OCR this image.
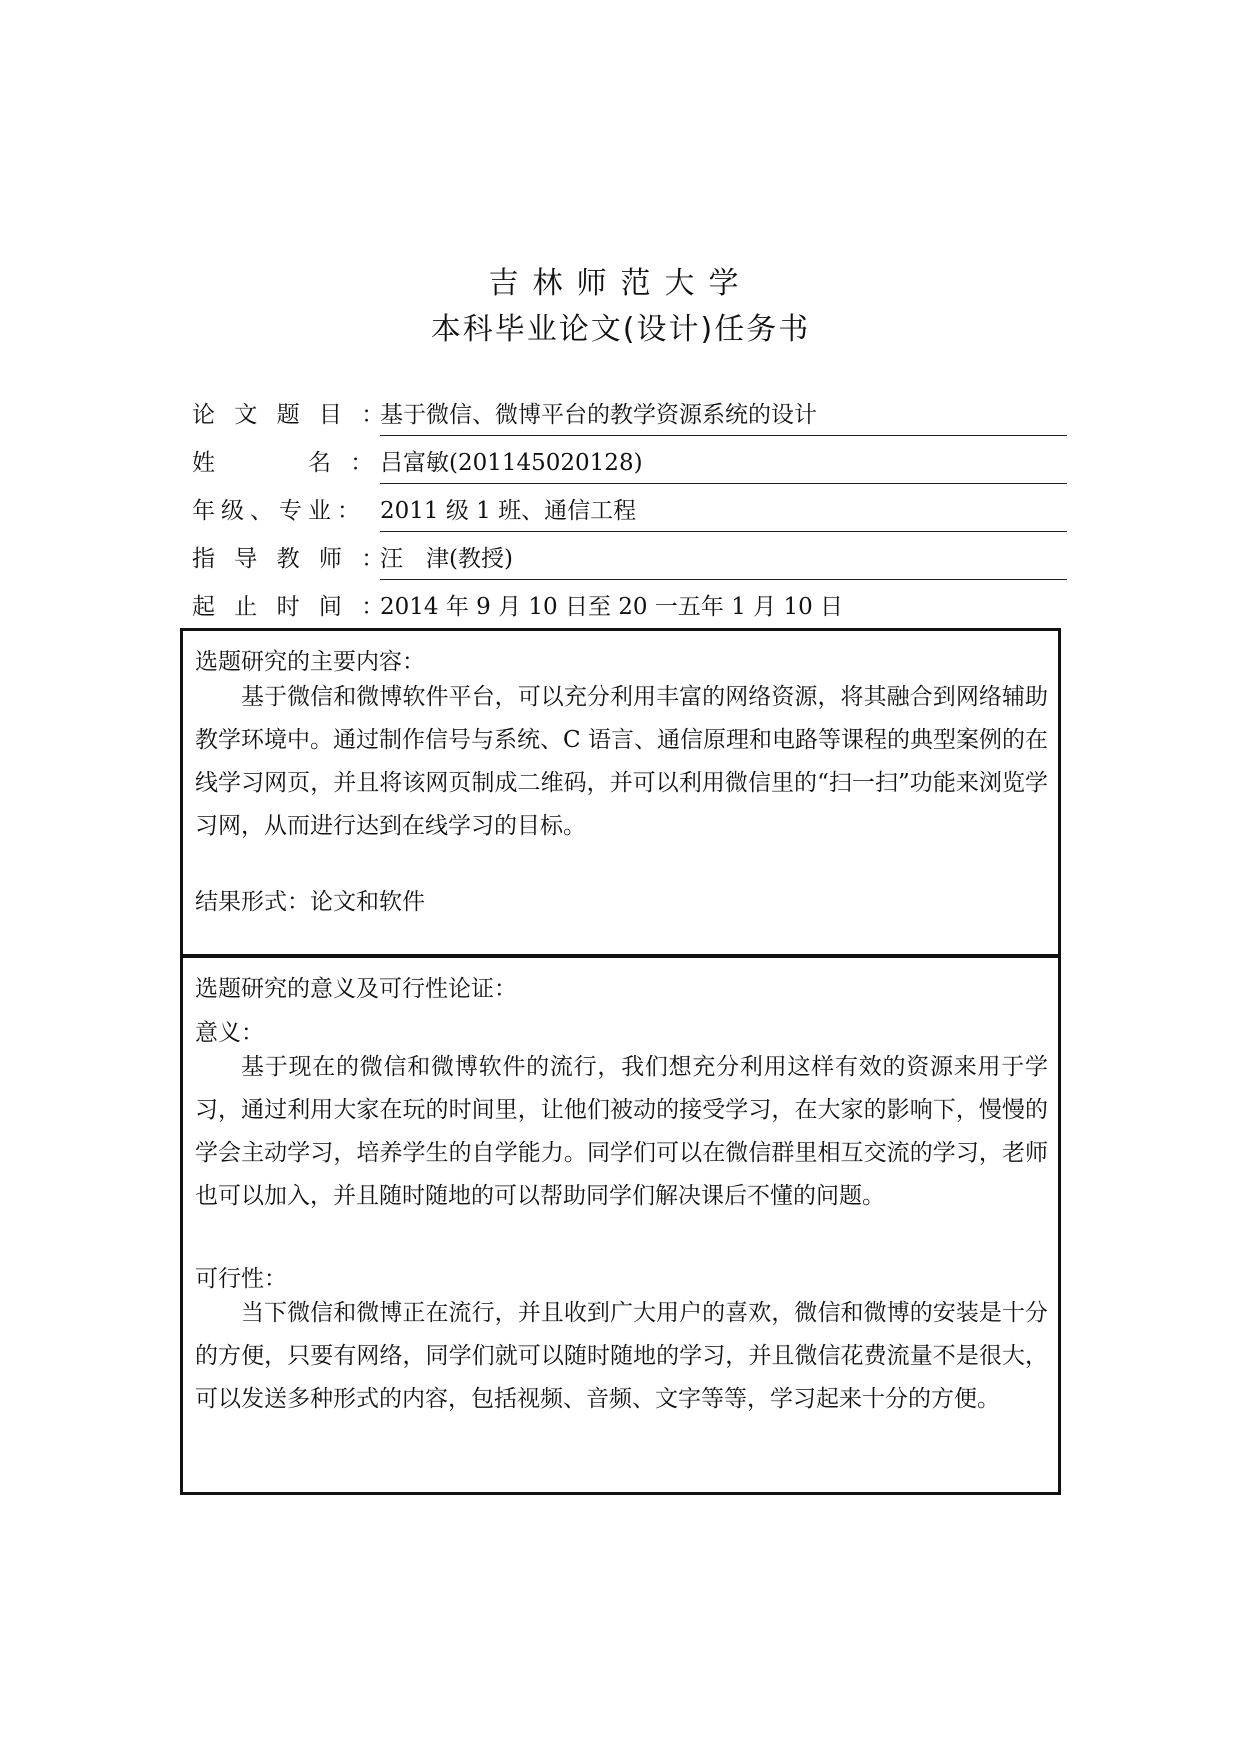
吉林师范大学
本科毕业论文(设计)任务书
论 文 题 目 ：
基于微信、微博平台的教学资源系统的设计
姓　　　名 ： 吕富敏(201145020128)
年级、专业： 2011 级 1 班、通信工程
指 导 教 师 ：
汪　津(教授)
起 止 时 间 ：
2014 年 9 月 10 日至 20 一五年 1 月 10 日
选题研究的主要内容：
基于微信和微博软件平台，可以充分利用丰富的网络资源，将其融合到网络辅助教学环境中。通过制作信号与系统、C 语言、通信原理和电路等课程的典型案例的在线学习网页，并且将该网页制成二维码，并可以利用微信里的“扫一扫”功能来浏览学习网，从而进行达到在线学习的目标。
结果形式：论文和软件
选题研究的意义及可行性论证：
意义：
基于现在的微信和微博软件的流行，我们想充分利用这样有效的资源来用于学习，通过利用大家在玩的时间里，让他们被动的接受学习，在大家的影响下，慢慢的学会主动学习，培养学生的自学能力。同学们可以在微信群里相互交流的学习，老师也可以加入，并且随时随地的可以帮助同学们解决课后不懂的问题。
可行性：
当下微信和微博正在流行，并且收到广大用户的喜欢，微信和微博的安装是十分的方便，只要有网络，同学们就可以随时随地的学习，并且微信花费流量不是很大，可以发送多种形式的内容，包括视频、音频、文字等等，学习起来十分的方便。
